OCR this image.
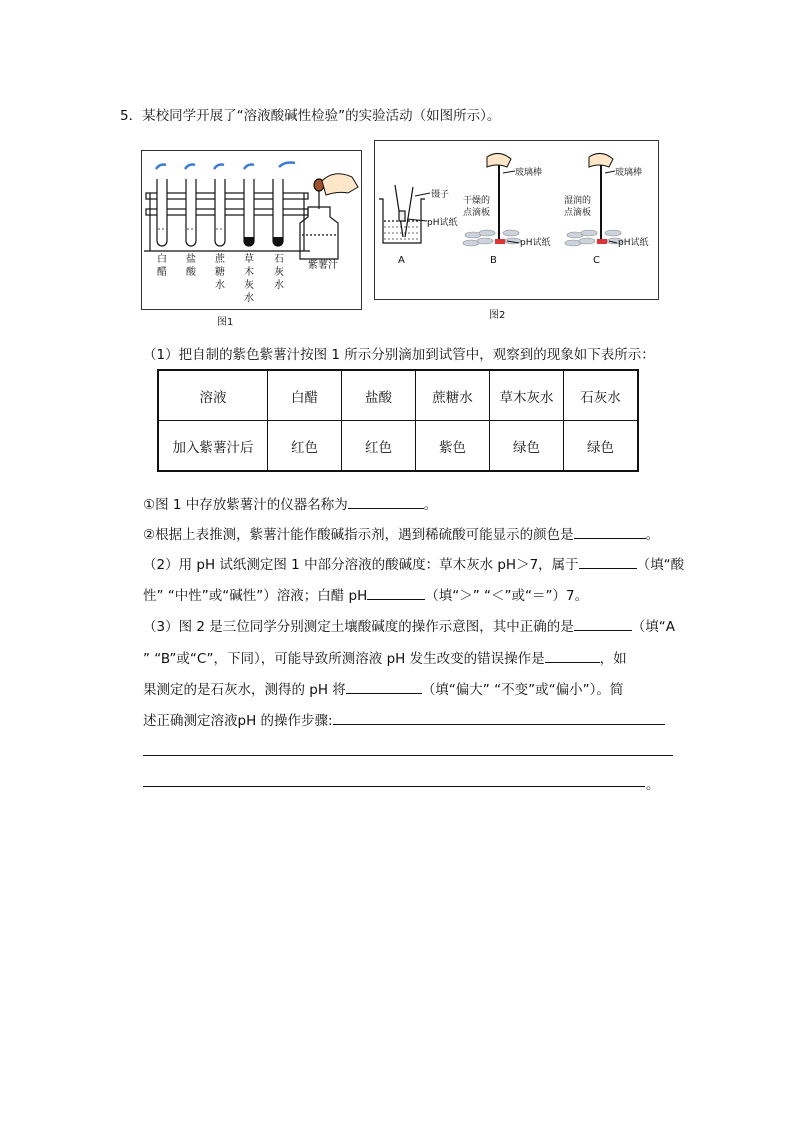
5．某校同学开展了“溶液酸碱性检验”的实验活动（如图所示）。
白醋
盐酸
蔗糖水
草木灰水
石灰水
紫薯汁
图1
镊子
pH试纸
A
玻璃棒
干燥的
点滴板
pH试纸
B
玻璃棒
湿润的
点滴板
pH试纸
C
图2
（1）把自制的紫色紫薯汁按图 1 所示分别滴加到试管中，观察到的现象如下表所示：
溶液	白醋	盐酸	蔗糖水	草木灰水	石灰水
加入紫薯汁后	红色	红色	紫色	绿色	绿色
①图 1 中存放紫薯汁的仪器名称为	。
②根据上表推测，紫薯汁能作酸碱指示剂，遇到稀硫酸可能显示的颜色是	。
（2）用 pH 试纸测定图 1 中部分溶液的酸碱度：草木灰水 pH＞7，属于	（填“酸
性” “中性”或“碱性”）溶液；白醋 pH	（填“＞” “＜”或“＝”）7。
（3）图 2 是三位同学分别测定土壤酸碱度的操作示意图，其中正确的是	（填“A
” “B”或“C”，下同），可能导致所测溶液 pH 发生改变的错误操作是	，如
果测定的是石灰水，测得的 pH 将	（填“偏大” “不变”或“偏小”）。简
述正确测定溶液pH 的操作步骤:
。
